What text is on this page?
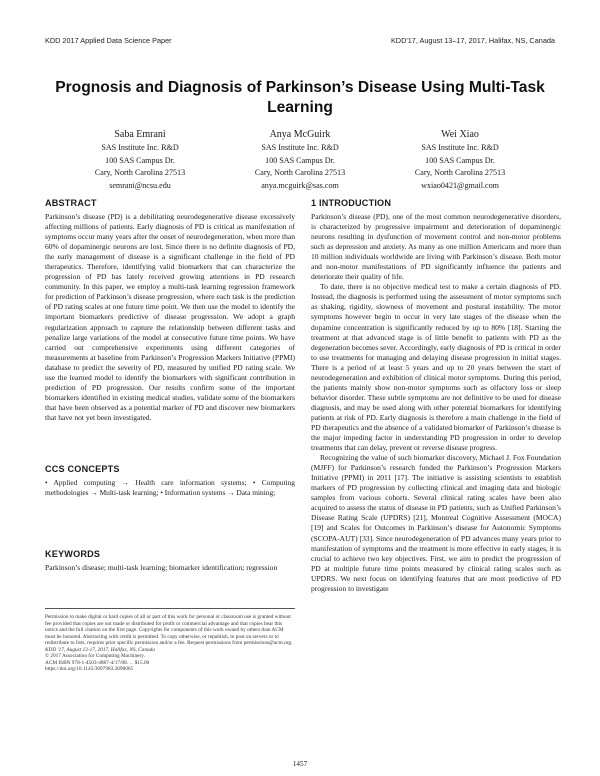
KDD 2017 Applied Data Science Paper	KDD'17, August 13–17, 2017, Halifax, NS, Canada
Prognosis and Diagnosis of Parkinson’s Disease Using Multi-Task Learning
Saba Emrani
SAS Institute Inc. R&D
100 SAS Campus Dr.
Cary, North Carolina 27513
semrani@ncsu.edu
Anya McGuirk
SAS Institute Inc. R&D
100 SAS Campus Dr.
Cary, North Carolina 27513
anya.mcguirk@sas.com
Wei Xiao
SAS Institute Inc. R&D
100 SAS Campus Dr.
Cary, North Carolina 27513
wxiao0421@gmail.com
ABSTRACT

Parkinson’s disease (PD) is a debilitating neurodegenerative disease excessively affecting millions of patients. Early diagnosis of PD is critical as manifestation of symptoms occur many years after the onset of neurodegeneration, when more than 60% of dopaminergic neurons are lost. Since there is no definite diagnosis of PD, the early management of disease is a significant challenge in the field of PD therapeutics. Therefore, identifying valid biomarkers that can characterize the progression of PD has lately received growing attentions in PD research community. In this paper, we employ a multi-task learning regression framework for prediction of Parkinson’s disease progression, where each task is the prediction of PD rating scales at one future time point. We then use the model to identify the important biomarkers predictive of disease progression. We adopt a graph regularization approach to capture the relationship between different tasks and penalize large variations of the model at consecutive future time points. We have carried out comprehensive experiments using different categories of measurements at baseline from Parkinson’s Progression Markers Initiative (PPMI) database to predict the severity of PD, measured by unified PD rating scale. We use the learned model to identify the biomarkers with significant contribution in prediction of PD progression. Our results confirm some of the important biomarkers identified in existing medical studies, validate some of the biomarkers that have been observed as a potential marker of PD and discover new biomarkers that have not yet been investigated.

CCS CONCEPTS

• Applied computing → Health care information systems; • Computing methodologies → Multi-task learning; • Information systems → Data mining;

KEYWORDS

Parkinson’s disease; multi-task learning; biomarker identification; regression

Permission to make digital or hard copies of all or part of this work for personal or classroom use is granted without fee provided that copies are not made or distributed for profit or commercial advantage and that copies bear this notice and the full citation on the first page. Copyrights for components of this work owned by others than ACM must be honored. Abstracting with credit is permitted. To copy otherwise, or republish, to post on servers or to redistribute to lists, requires prior specific permission and/or a fee. Request permissions from permissions@acm.org.

KDD '17, August 13-17, 2017, Halifax, NS, Canada

© 2017 Association for Computing Machinery.

ACM ISBN 978-1-4503-4887-4/17/08. . . $15.00

https://doi.org/10.1145/3097983.3098065

1 INTRODUCTION

Parkinson’s disease (PD), one of the most common neurodegenerative disorders, is characterized by progressive impairment and deterioration of dopaminergic neurons resulting in dysfunction of movement control and non-motor problems such as depression and anxiety. As many as one million Americans and more than 10 million individuals worldwide are living with Parkinson’s disease. Both motor and non-motor manifestations of PD significantly influence the patients and deteriorate their quality of life.

To date, there is no objective medical test to make a certain diagnosis of PD. Instead, the diagnosis is performed using the assessment of motor symptoms such as shaking, rigidity, slowness of movement and postural instability. The motor symptoms however begin to occur in very late stages of the disease when the dopamine concentration is significantly reduced by up to 80% [18]. Starting the treatment at that advanced stage is of little benefit to patients with PD as the degeneration becomes sever. Accordingly, early diagnosis of PD is critical in order to use treatments for managing and delaying disease progression in initial stages. There is a period of at least 5 years and up to 20 years between the start of neurodegeneration and exhibition of clinical motor symptoms. During this period, the patients mainly show non-motor symptoms such as olfactory loss or sleep behavior disorder. These subtle symptoms are not definitive to be used for disease diagnosis, and may be used along with other potential biomarkers for identifying patients at risk of PD. Early diagnosis is therefore a main challenge in the field of PD therapeutics and the absence of a validated biomarker of Parkinson’s disease is the major impeding factor in understanding PD progression in order to develop treatments that can delay, prevent or reverse disease progress.

Recognizing the value of such biomarker discovery, Michael J. Fox Foundation (MJFF) for Parkinson’s research funded the Parkinson’s Progression Markers Initiative (PPMI) in 2011 [17]. The initiative is assisting scientists to establish markers of PD progression by collecting clinical and imaging data and biologic samples from various cohorts. Several clinical rating scales have been also acquired to assess the status of disease in PD patients, such as Unified Parkinson’s Disease Rating Scale (UPDRS) [21], Montreal Cognitive Assessment (MOCA) [19] and Scales for Outcomes in Parkinson’s disease for Autonomic Symptoms (SCOPA-AUT) [33]. Since neurodegeneration of PD advances many years prior to manifestation of symptoms and the treatment is more effective in early stages, it is crucial to achieve two key objectives. First, we aim to predict the progression of PD at multiple future time points measured by clinical rating scales such as UPDRS. We next focus on identifying features that are most predictive of PD progression to investigate

1457
